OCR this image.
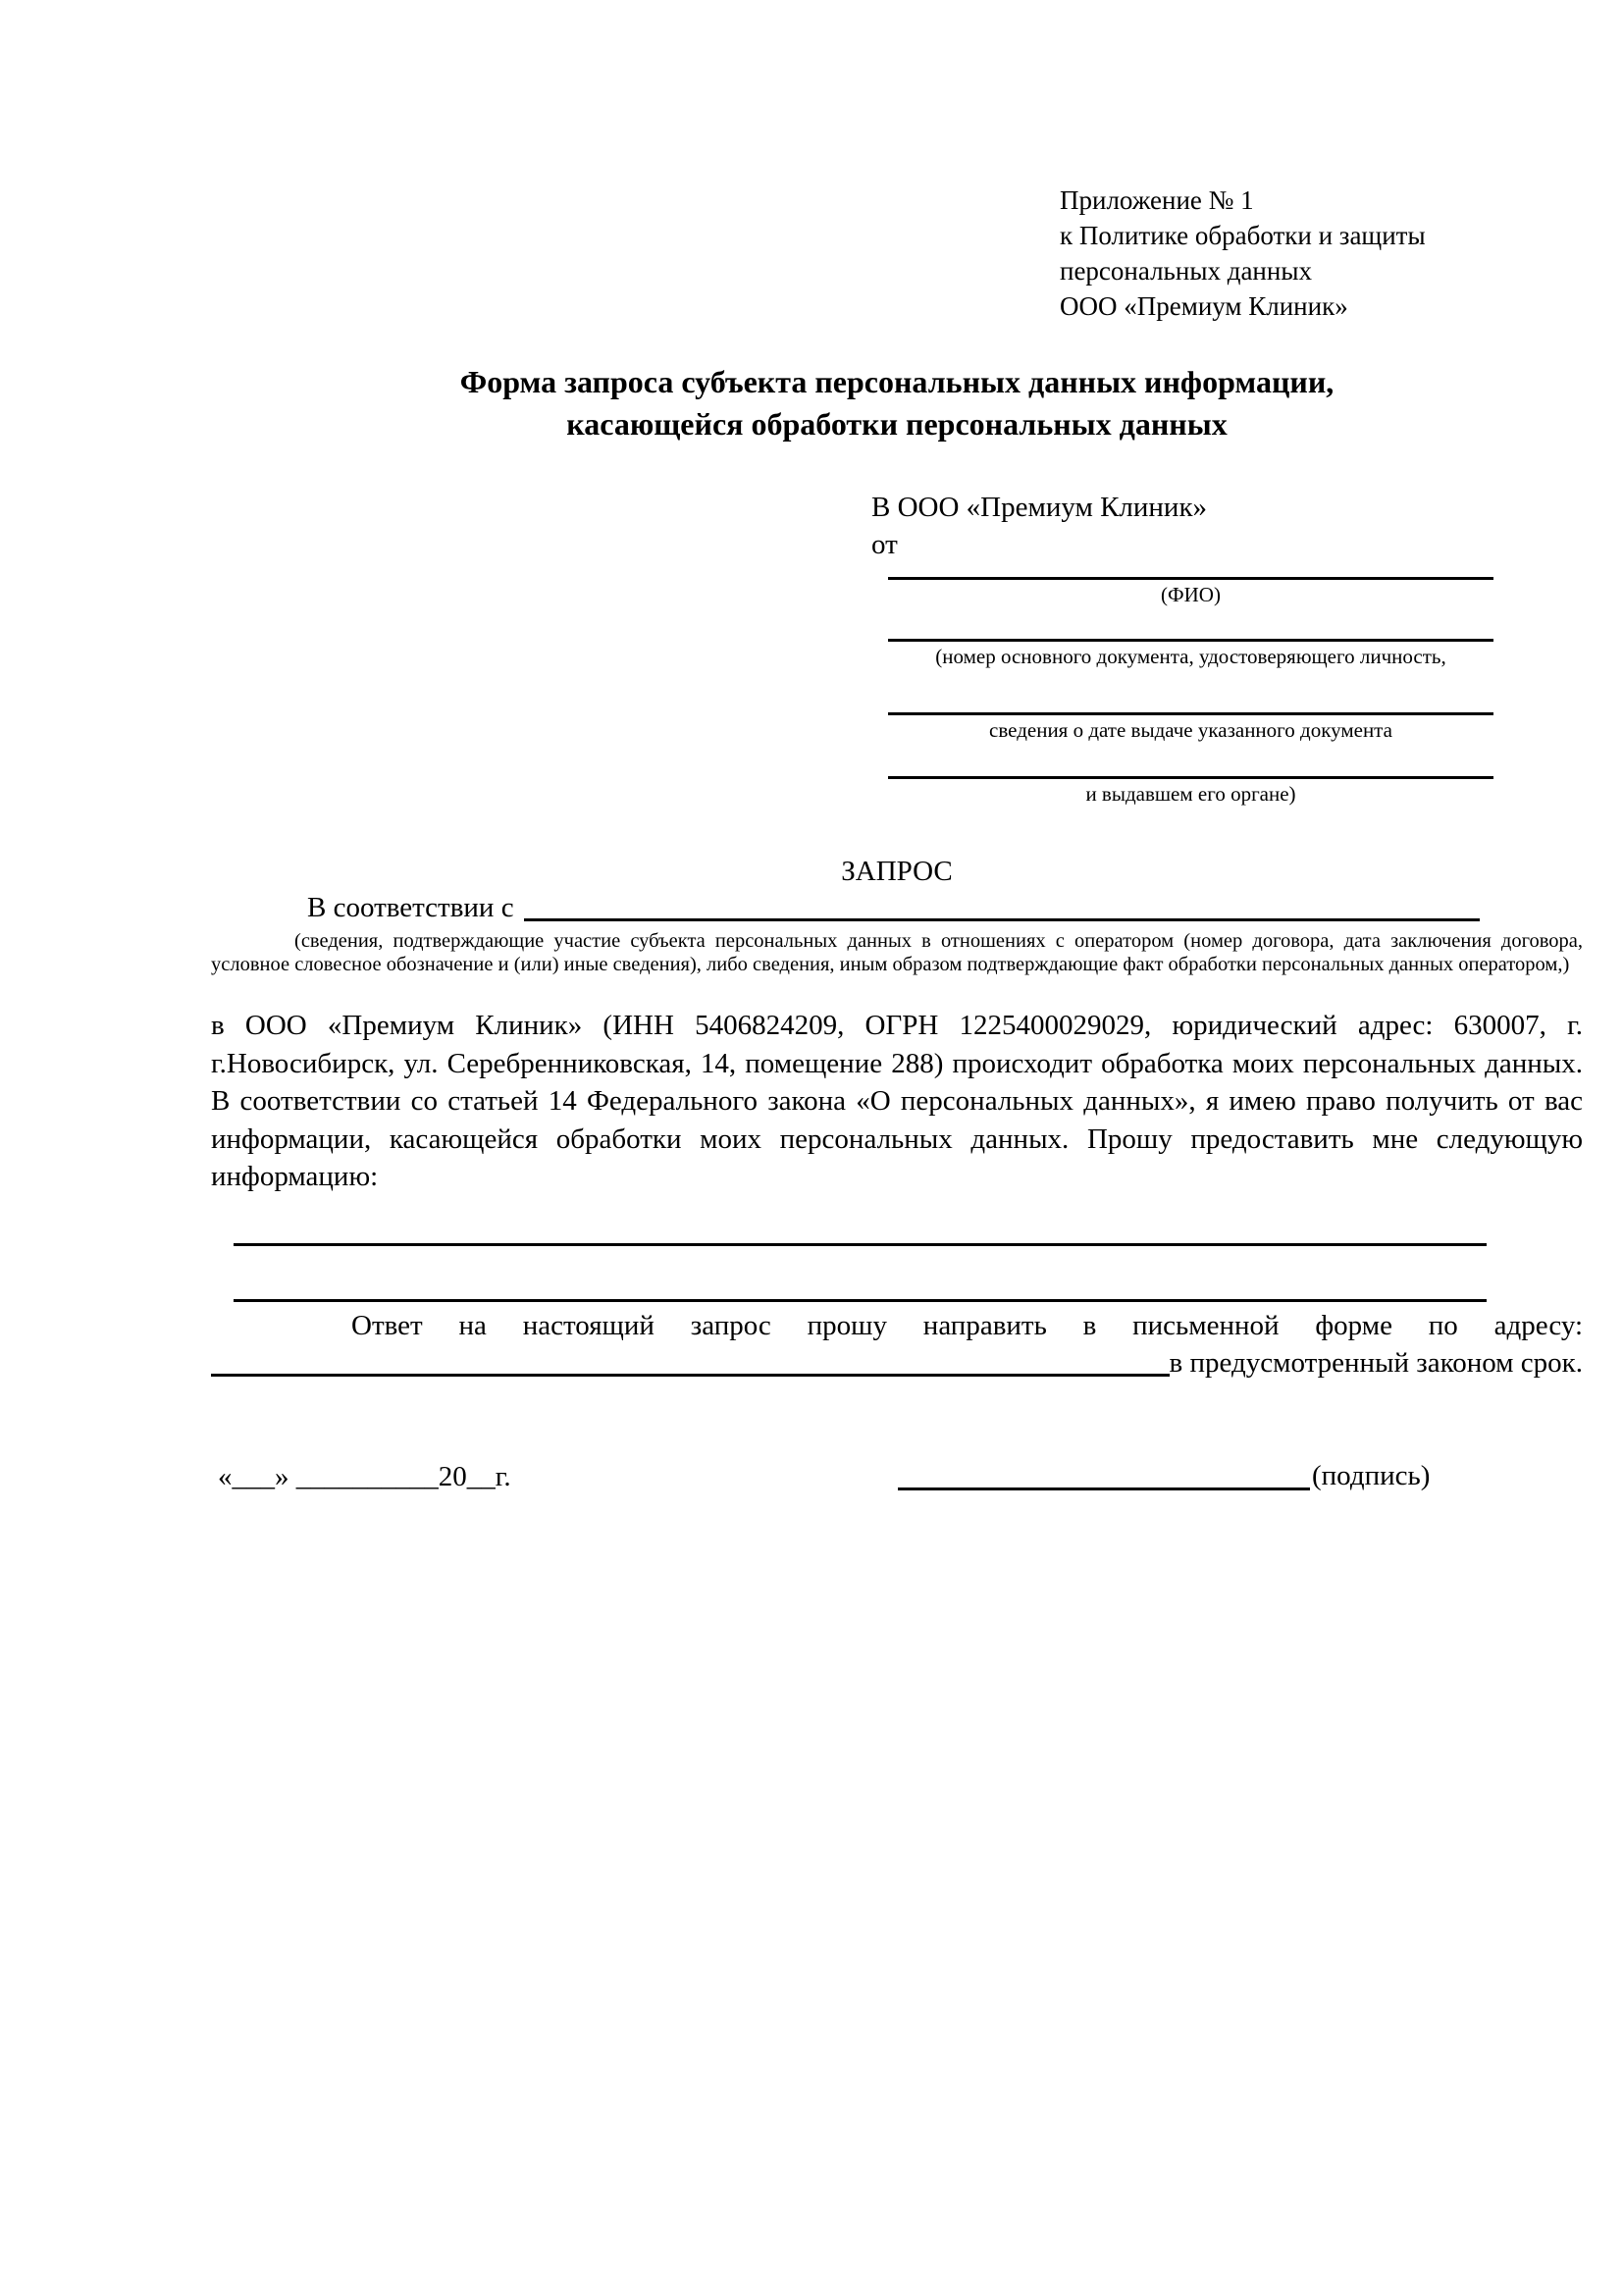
Приложение № 1
к Политике обработки и защиты
персональных данных
ООО «Премиум Клиник»
Форма запроса субъекта персональных данных информации,
касающейся обработки персональных данных
В ООО «Премиум Клиник»
от
(ФИО)
(номер основного документа, удостоверяющего личность,
сведения о дате выдаче указанного документа
и выдавшем его органе)
ЗАПРОС
В соответствии с
(сведения, подтверждающие участие субъекта персональных данных в отношениях с оператором (номер договора, дата заключения договора, условное словесное обозначение и (или) иные сведения), либо сведения, иным образом подтверждающие факт обработки персональных данных оператором,)
в ООО «Премиум Клиник» (ИНН 5406824209, ОГРН 1225400029029, юридический адрес: 630007, г. г.Новосибирск, ул. Серебренниковская, 14, помещение 288) происходит обработка моих персональных данных. В соответствии со статьей 14 Федерального закона «О персональных данных», я имею право получить от вас информации, касающейся обработки моих персональных данных. Прошу предоставить мне следующую информацию:
Ответ на настоящий запрос прошу направить в письменной форме по адресу:
в предусмотренный законом срок.
«___» __________20__г.	(подпись)
